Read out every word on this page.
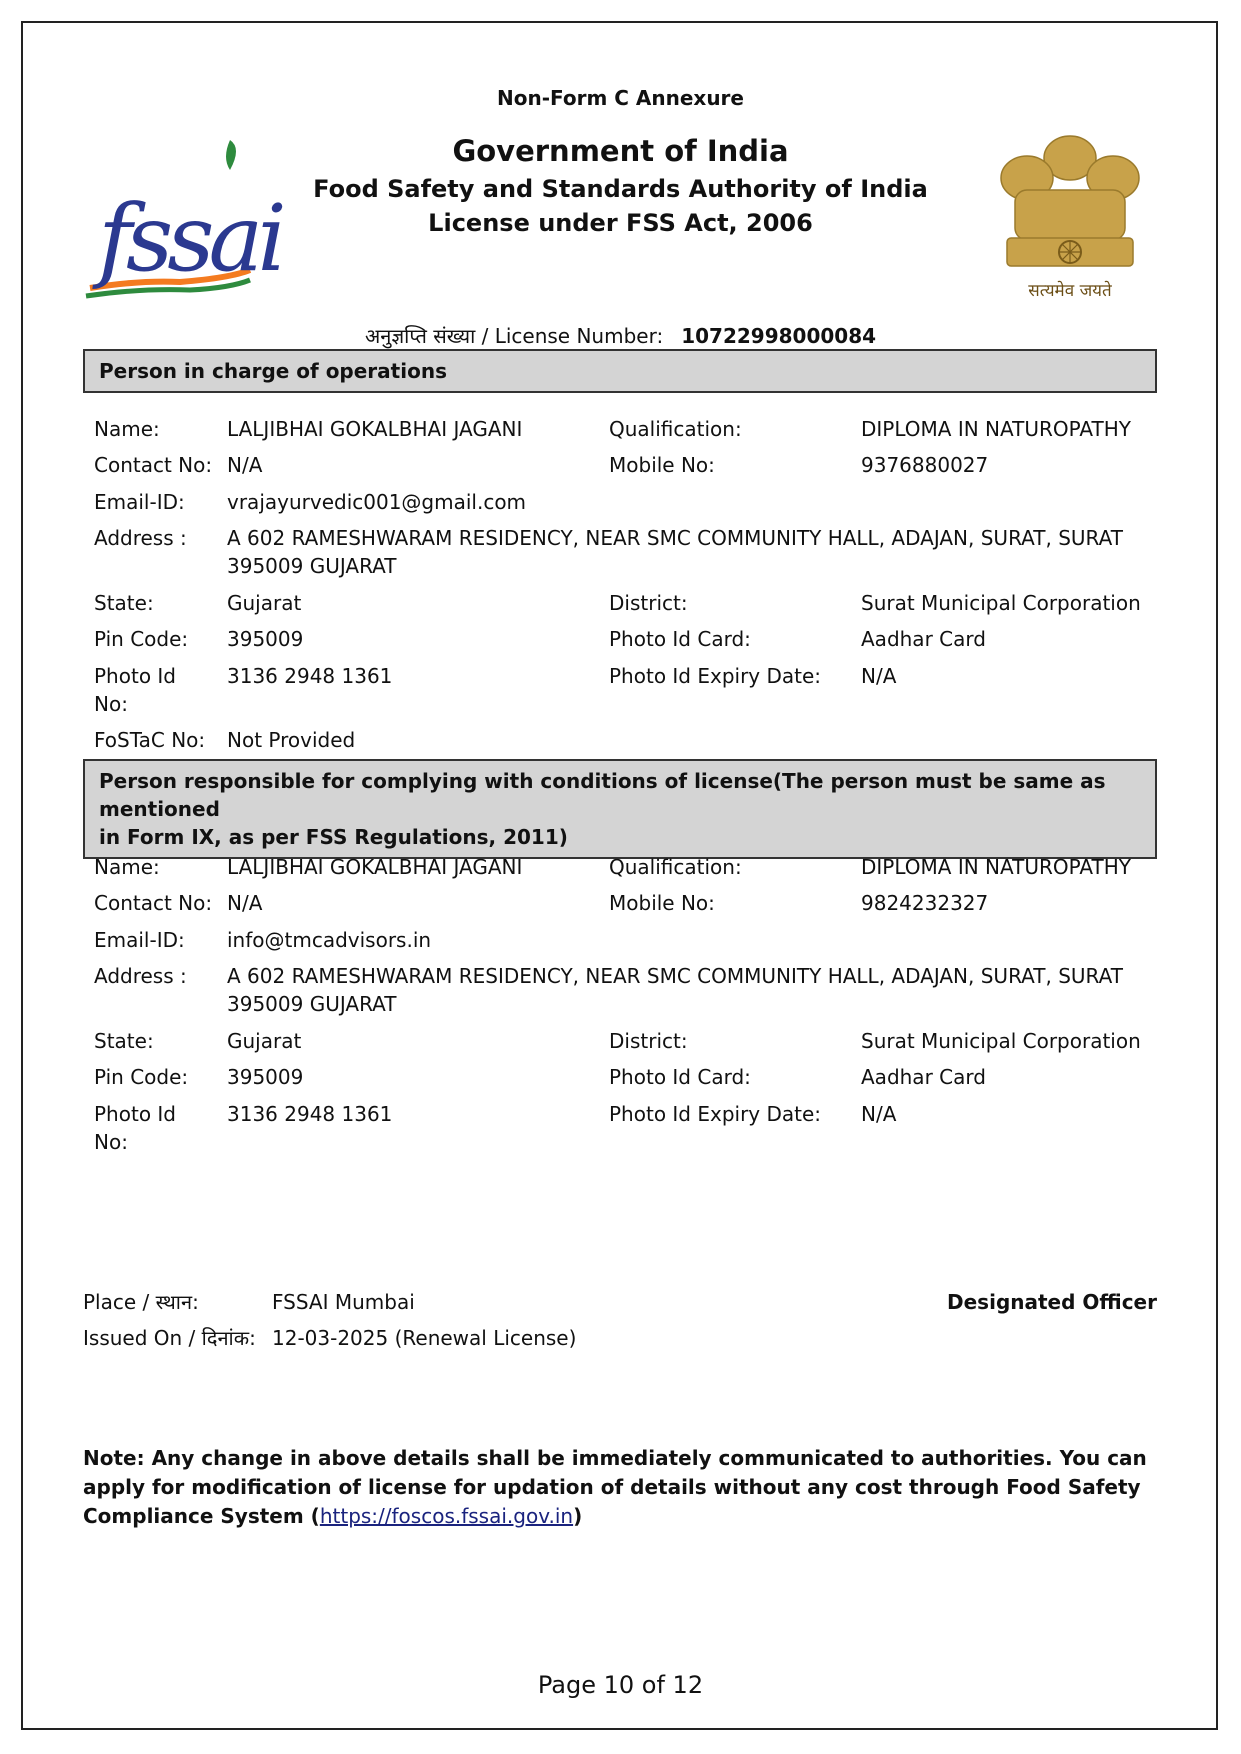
Non-Form C Annexure
Government of India
Food Safety and Standards Authority of India
License under FSS Act, 2006
fssai	सत्यमेव जयते
अनुज्ञप्ति संख्या / License Number: 10722998000084
Person in charge of operations
Name:	LALJIBHAI GOKALBHAI JAGANI	Qualification:	DIPLOMA IN NATUROPATHY
Contact No: N/A	Mobile No:	9376880027
Email-ID:	vrajayurvedic001@gmail.com
Address :	A 602 RAMESHWARAM RESIDENCY, NEAR SMC COMMUNITY HALL, ADAJAN, SURAT, SURAT
395009 GUJARAT
State:	Gujarat	District:	Surat Municipal Corporation
Pin Code:	395009	Photo Id Card:	Aadhar Card
Photo Id
No:
3136 2948 1361	Photo Id Expiry Date: N/A
FoSTaC No:	Not Provided
Person responsible for complying with conditions of license(The person must be same as mentioned
in Form IX, as per FSS Regulations, 2011)
Name:	LALJIBHAI GOKALBHAI JAGANI	Qualification:	DIPLOMA IN NATUROPATHY
Contact No: N/A	Mobile No:	9824232327
Email-ID:	info@tmcadvisors.in
Address :	A 602 RAMESHWARAM RESIDENCY, NEAR SMC COMMUNITY HALL, ADAJAN, SURAT, SURAT
395009 GUJARAT
State:	Gujarat	District:	Surat Municipal Corporation
Pin Code:	395009	Photo Id Card:	Aadhar Card
Photo Id
No:
3136 2948 1361	Photo Id Expiry Date: N/A
Place / स्थान:	FSSAI Mumbai	Designated Officer
Issued On / दिनांक: 12-03-2025 (Renewal License)
Note: Any change in above details shall be immediately communicated to authorities. You can apply for modification of license for updation of details without any cost through Food Safety Compliance System (https://foscos.fssai.gov.in)
Page 10 of 12
